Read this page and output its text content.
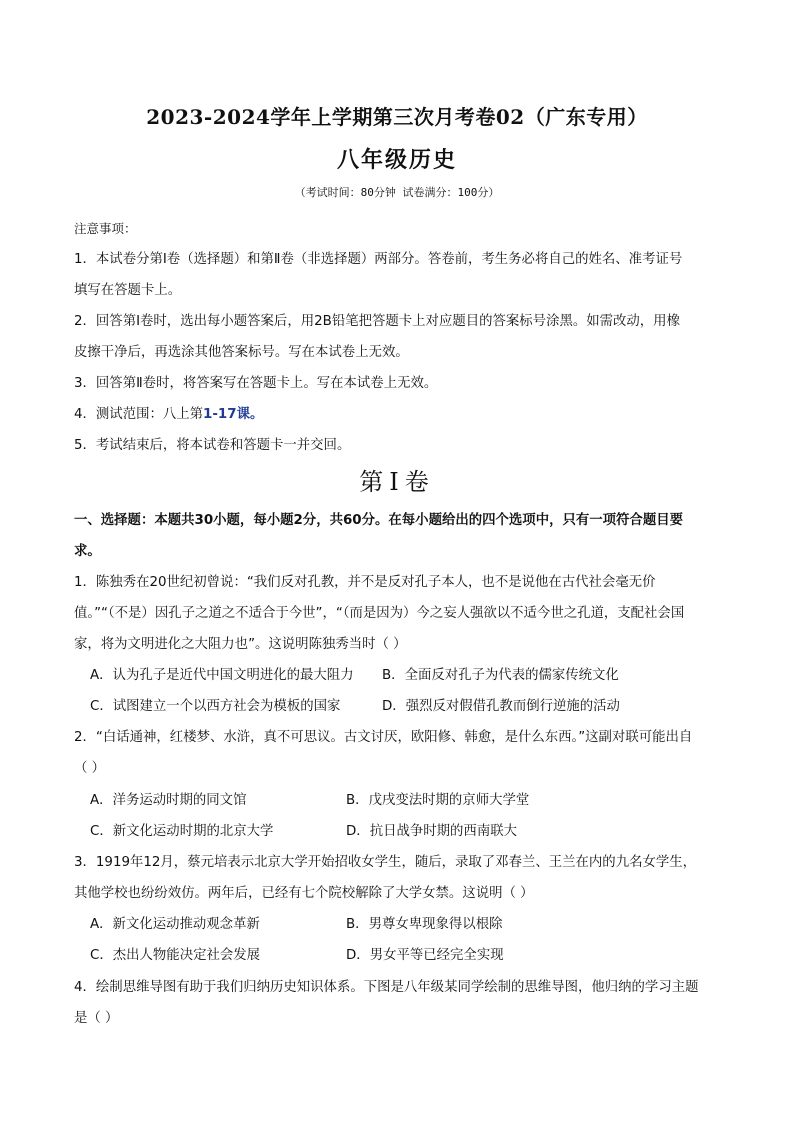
2023-2024学年上学期第三次月考卷02（广东专用）
八年级历史
（考试时间：80分钟 试卷满分：100分）
注意事项：
1．本试卷分第Ⅰ卷（选择题）和第Ⅱ卷（非选择题）两部分。答卷前，考生务必将自己的姓名、准考证号
填写在答题卡上。
2．回答第Ⅰ卷时，选出每小题答案后，用2B铅笔把答题卡上对应题目的答案标号涂黑。如需改动，用橡
皮擦干净后，再选涂其他答案标号。写在本试卷上无效。
3．回答第Ⅱ卷时，将答案写在答题卡上。写在本试卷上无效。
4．测试范围：八上第1-17课。
5．考试结束后，将本试卷和答题卡一并交回。
第Ⅰ卷
一、选择题：本题共30小题，每小题2分，共60分。在每小题给出的四个选项中，只有一项符合题目要
求。
1．陈独秀在20世纪初曾说：“我们反对孔教，并不是反对孔子本人，也不是说他在古代社会毫无价
值。”“（不是）因孔子之道之不适合于今世”，“（而是因为）今之妄人强欲以不适今世之孔道，支配社会国
家，将为文明进化之大阻力也”。这说明陈独秀当时（ ）
A．认为孔子是近代中国文明进化的最大阻力 B．全面反对孔子为代表的儒家传统文化
C．试图建立一个以西方社会为模板的国家	D．强烈反对假借孔教而倒行逆施的活动
2．“白话通神，红楼梦、水浒，真不可思议。古文讨厌，欧阳修、韩愈，是什么东西。”这副对联可能出自
（ ）
A．洋务运动时期的同文馆	B．戊戌变法时期的京师大学堂
C．新文化运动时期的北京大学	D．抗日战争时期的西南联大
3．1919年12月，蔡元培表示北京大学开始招收女学生，随后，录取了邓春兰、王兰在内的九名女学生，
其他学校也纷纷效仿。两年后，已经有七个院校解除了大学女禁。这说明（ ）
A．新文化运动推动观念革新	B．男尊女卑现象得以根除
C．杰出人物能决定社会发展	D．男女平等已经完全实现
4．绘制思维导图有助于我们归纳历史知识体系。下图是八年级某同学绘制的思维导图，他归纳的学习主题
是（ ）
